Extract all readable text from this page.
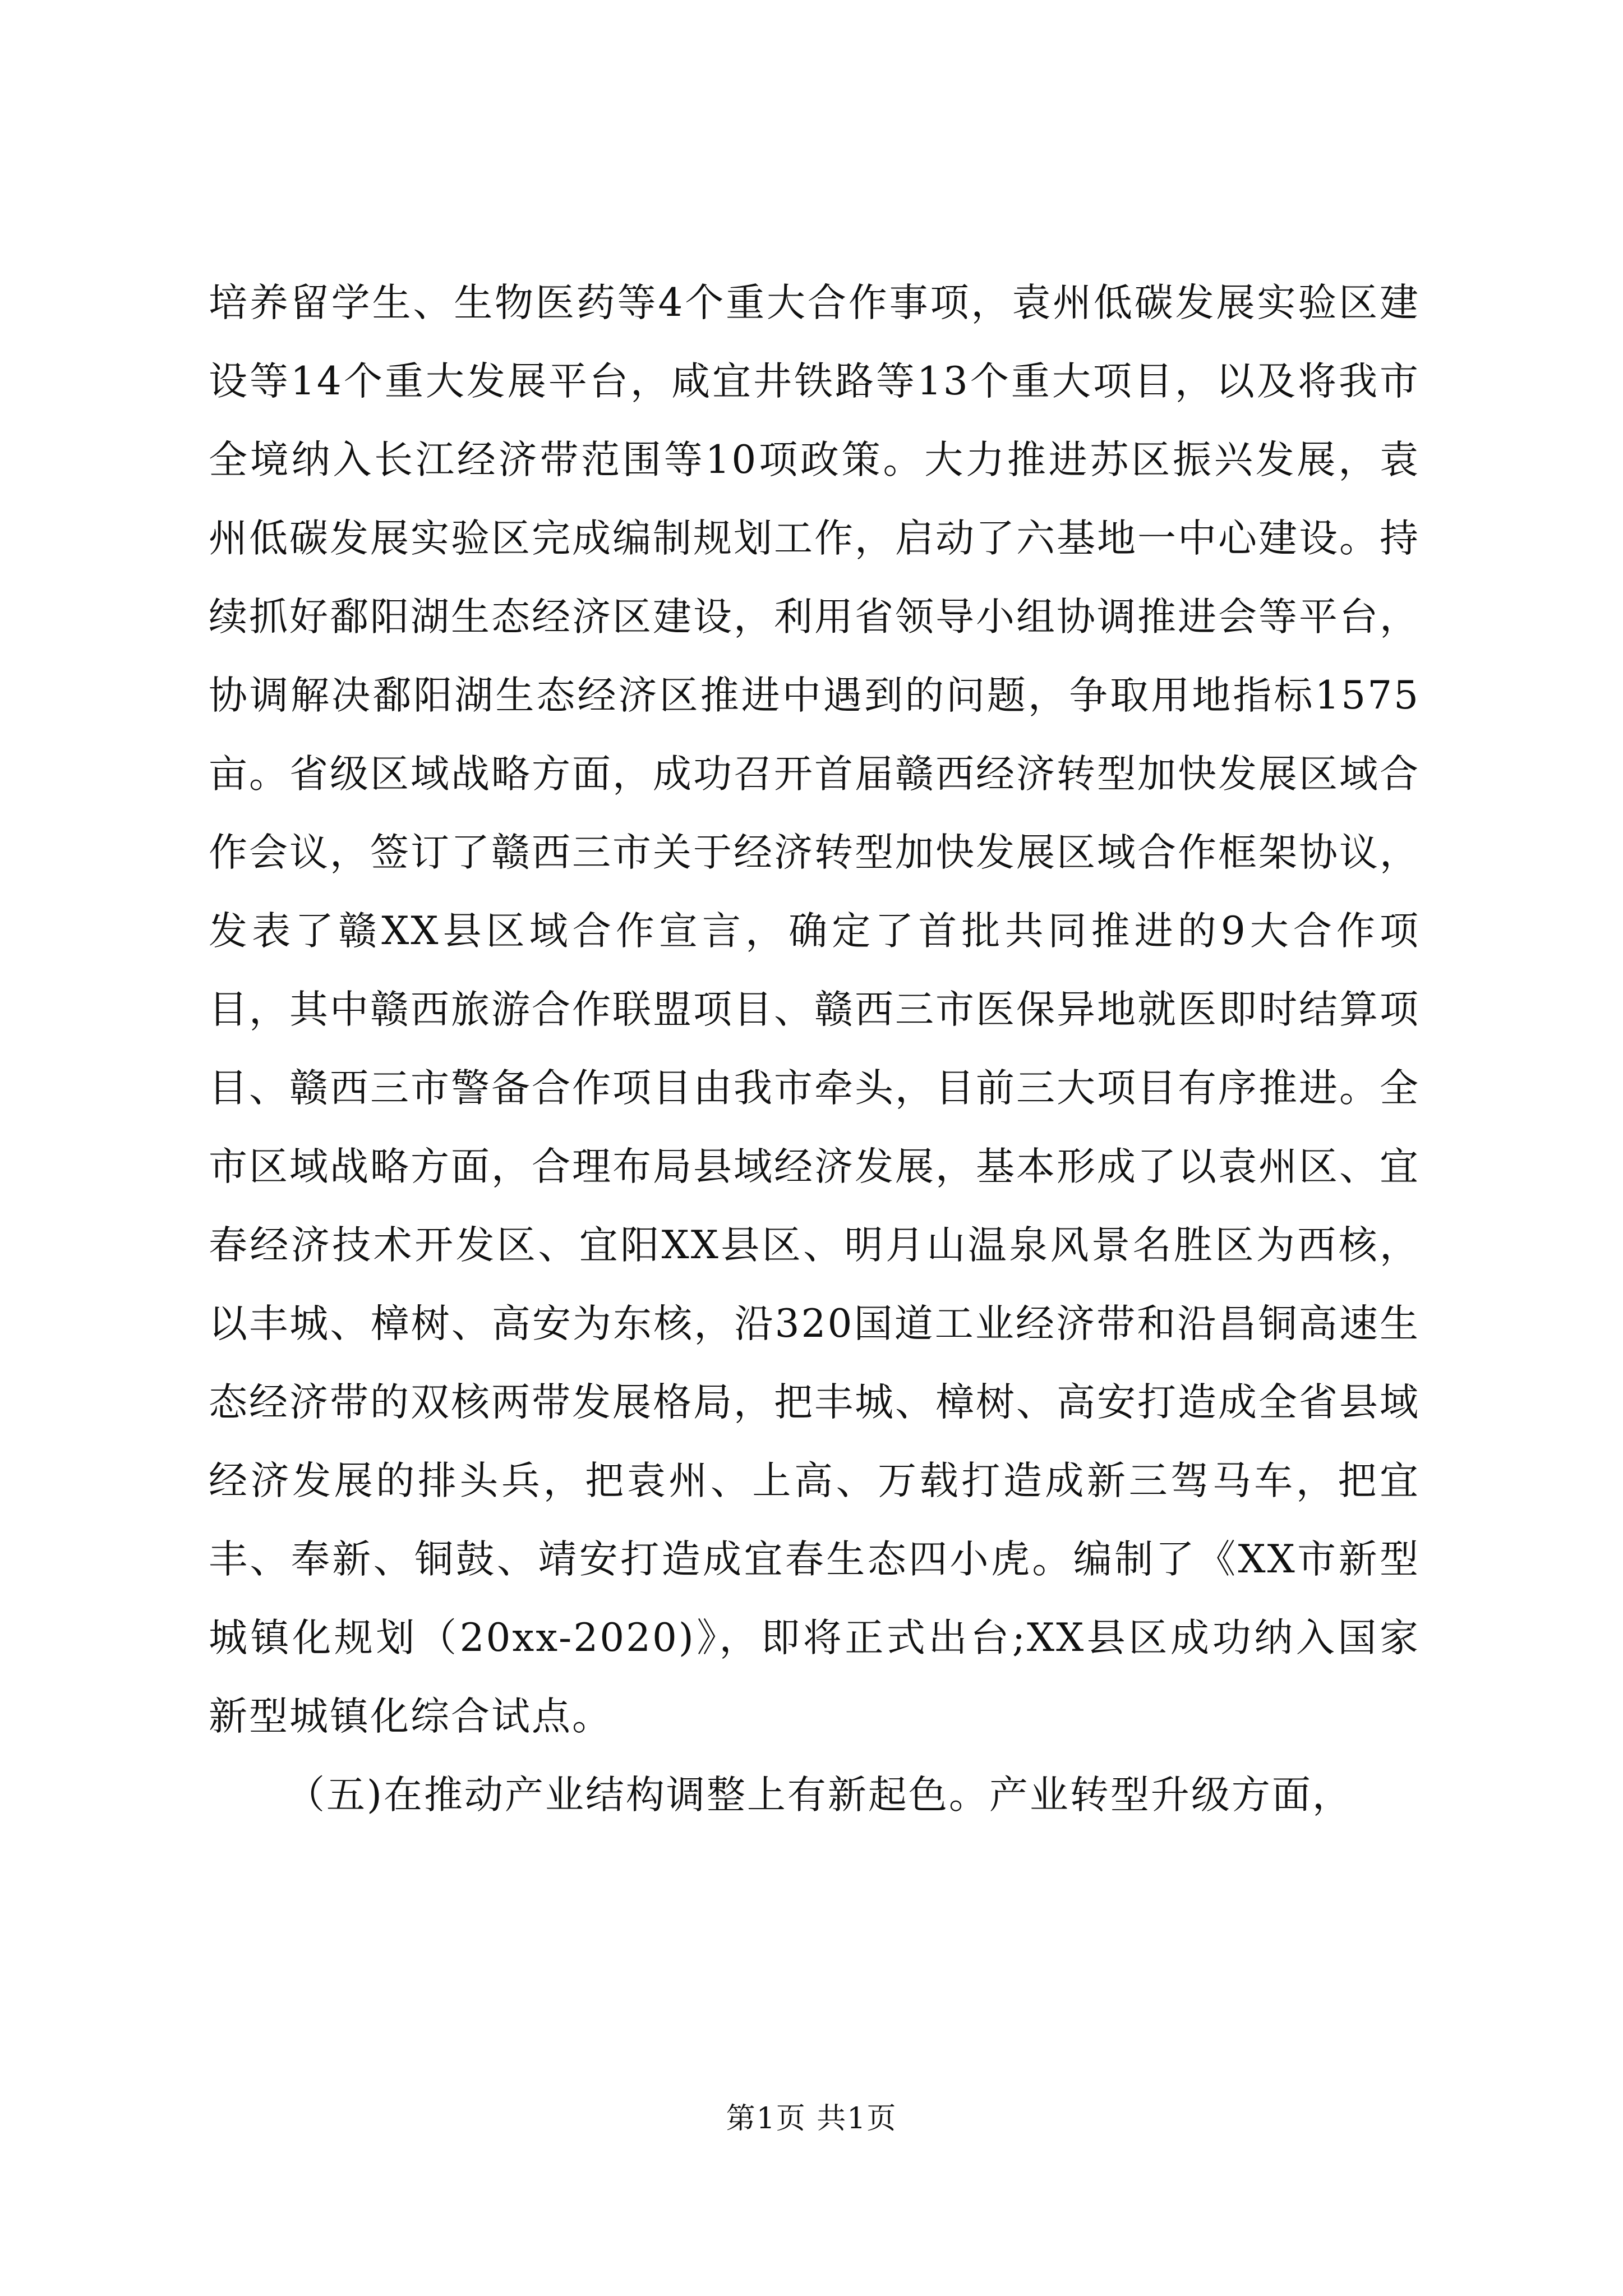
培养留学生、生物医药等4个重大合作事项，袁州低碳发展实验区建设等14个重大发展平台，咸宜井铁路等13个重大项目，以及将我市全境纳入长江经济带范围等10项政策。大力推进苏区振兴发展，袁州低碳发展实验区完成编制规划工作，启动了六基地一中心建设。持续抓好鄱阳湖生态经济区建设，利用省领导小组协调推进会等平台，协调解决鄱阳湖生态经济区推进中遇到的问题，争取用地指标1575亩。省级区域战略方面，成功召开首届赣西经济转型加快发展区域合作会议，签订了赣西三市关于经济转型加快发展区域合作框架协议，发表了赣XX县区域合作宣言，确定了首批共同推进的9大合作项目，其中赣西旅游合作联盟项目、赣西三市医保异地就医即时结算项目、赣西三市警备合作项目由我市牵头，目前三大项目有序推进。全市区域战略方面，合理布局县域经济发展，基本形成了以袁州区、宜春经济技术开发区、宜阳XX县区、明月山温泉风景名胜区为西核，以丰城、樟树、高安为东核，沿320国道工业经济带和沿昌铜高速生态经济带的双核两带发展格局，把丰城、樟树、高安打造成全省县域经济发展的排头兵，把袁州、上高、万载打造成新三驾马车，把宜丰、奉新、铜鼓、靖安打造成宜春生态四小虎。编制了《XX市新型城镇化规划（20xx-2020)》，即将正式出台;XX县区成功纳入国家新型城镇化综合试点。

（五)在推动产业结构调整上有新起色。产业转型升级方面，

第1页 共1页
